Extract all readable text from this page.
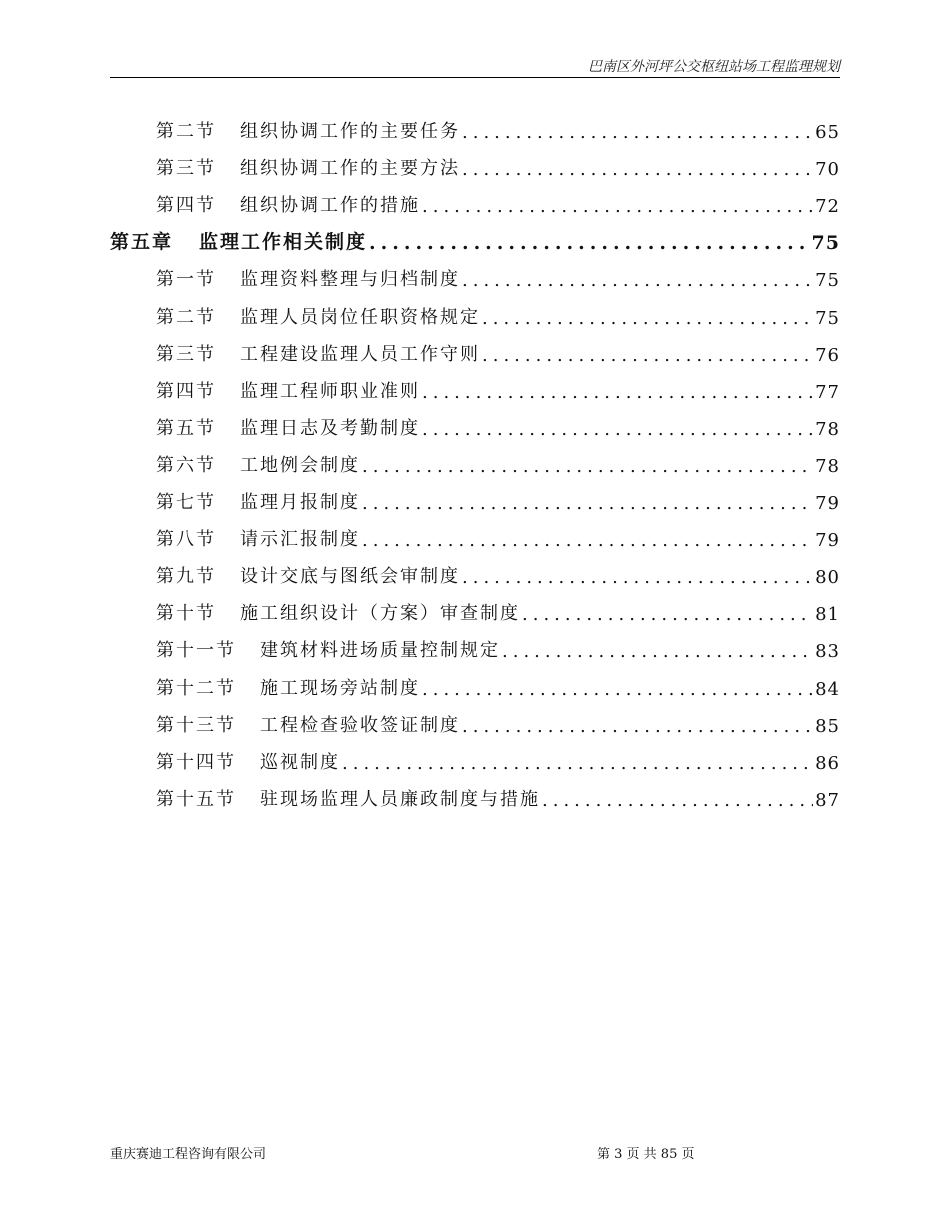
巴南区外河坪公交枢纽站场工程监理规划
第二节 组织协调工作的主要任务 .....	65
第三节 组织协调工作的主要方法 .....	70
第四节 组织协调工作的措施 .....	72
第五章 监理工作相关制度 .....	75
第一节 监理资料整理与归档制度 .....	75
第二节 监理人员岗位任职资格规定 .....	75
第三节 工程建设监理人员工作守则 .....	76
第四节 监理工程师职业准则 .....	77
第五节 监理日志及考勤制度 .....	78
第六节 工地例会制度 .....	78
第七节 监理月报制度 .....	79
第八节 请示汇报制度 .....	79
第九节 设计交底与图纸会审制度 .....	80
第十节 施工组织设计（方案）审查制度 .....	81
第十一节 建筑材料进场质量控制规定 .....	83
第十二节 施工现场旁站制度 .....	84
第十三节 工程检查验收签证制度 .....	85
第十四节 巡视制度 .....	86
第十五节 驻现场监理人员廉政制度与措施 .....	87
重庆赛迪工程咨询有限公司	第 3 页 共 85 页
